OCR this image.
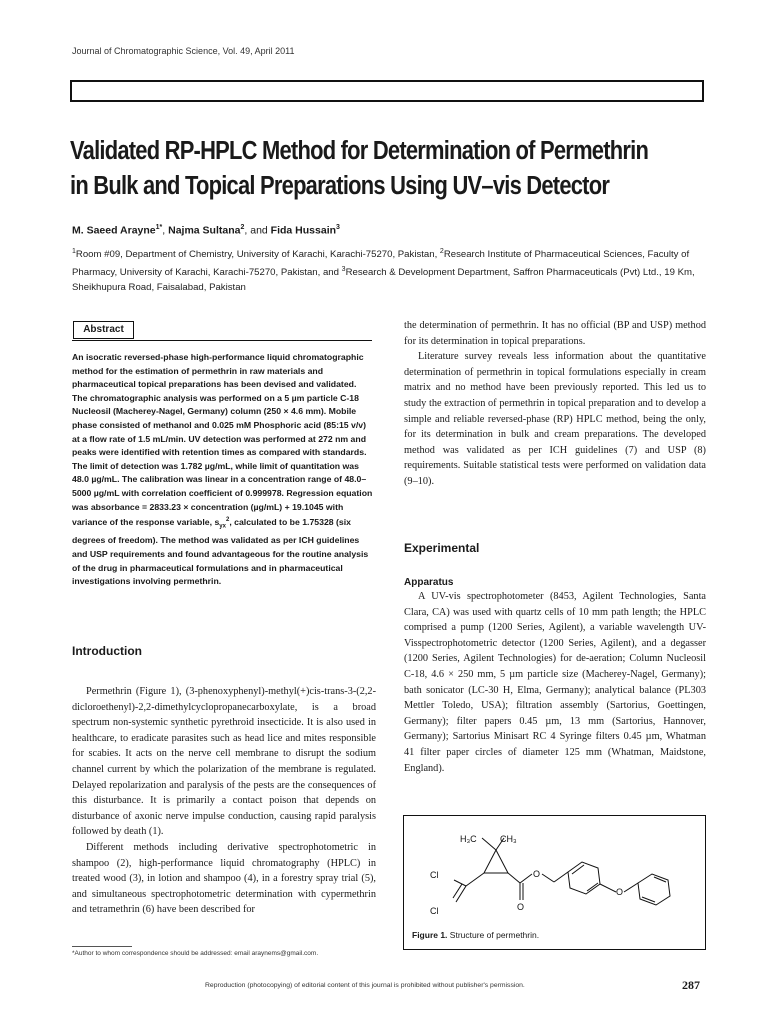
Journal of Chromatographic Science, Vol. 49, April 2011
Validated RP-HPLC Method for Determination of Permethrin
in Bulk and Topical Preparations Using UV–vis Detector
M. Saeed Arayne$^{1*}$, Najma Sultana$^2$, and Fida Hussain$^3$
$^1$Room #09, Department of Chemistry, University of Karachi, Karachi-75270, Pakistan, $^2$Research Institute of Pharmaceutical Sciences, Faculty of Pharmacy, University of Karachi, Karachi-75270, Pakistan, and $^3$Research & Development Department, Saffron Pharmaceuticals (Pvt) Ltd., 19 Km, Sheikhupura Road, Faisalabad, Pakistan
Abstract
An isocratic reversed-phase high-performance liquid chromatographic method for the estimation of permethrin in raw materials and pharmaceutical topical preparations has been devised and validated. The chromatographic analysis was performed on a 5 µm particle C-18 Nucleosil (Macherey-Nagel, Germany) column (250 × 4.6 mm). Mobile phase consisted of methanol and 0.025 mM Phosphoric acid (85:15 v/v) at a flow rate of 1.5 mL/min. UV detection was performed at 272 nm and peaks were identified with retention times as compared with standards. The limit of detection was 1.782 µg/mL, while limit of quantitation was 48.0 µg/mL. The calibration was linear in a concentration range of 48.0–5000 µg/mL with correlation coefficient of 0.999978. Regression equation was absorbance = 2833.23 × concentration (µg/mL) + 19.1045 with variance of the response variable, $s_{yx}^2$, calculated to be 1.75328 (six degrees of freedom). The method was validated as per ICH guidelines and USP requirements and found advantageous for the routine analysis of the drug in pharmaceutical formulations and in pharmaceutical investigations involving permethrin.
Introduction

Permethrin (Figure 1), (3-phenoxyphenyl)-methyl(+)cis-trans-3-(2,2-dicloroethenyl)-2,2-dimethylcyclopropanecarboxylate, is a broad spectrum non-systemic synthetic pyrethroid insecticide. It is also used in healthcare, to eradicate parasites such as head lice and mites responsible for scabies. It acts on the nerve cell membrane to disrupt the sodium channel current by which the polarization of the membrane is regulated. Delayed repolarization and paralysis of the pests are the consequences of this disturbance. It is primarily a contact poison that depends on disturbance of axonic nerve impulse conduction, causing rapid paralysis followed by death (1).

Different methods including derivative spectrophotometric in shampoo (2), high-performance liquid chromatography (HPLC) in treated wood (3), in lotion and shampoo (4), in a forestry spray trial (5), and simultaneous spectrophotometric determination with cypermethrin and tetramethrin (6) have been described for

the determination of permethrin. It has no official (BP and USP) method for its determination in topical preparations.

Literature survey reveals less information about the quantitative determination of permethrin in topical formulations especially in cream matrix and no method have been previously reported. This led us to study the extraction of permethrin in topical preparation and to develop a simple and reliable reversed-phase (RP) HPLC method, being the only, for its determination in bulk and cream preparations. The developed method was validated as per ICH guidelines (7) and USP (8) requirements. Suitable statistical tests were performed on validation data (9–10).

Experimental
Apparatus

A UV-vis spectrophotometer (8453, Agilent Technologies, Santa Clara, CA) was used with quartz cells of 10 mm path length; the HPLC comprised a pump (1200 Series, Agilent), a variable wavelength UV-Visspectrophotometric detector (1200 Series, Agilent), and a degasser (1200 Series, Agilent Technologies) for de-aeration; Column Nucleosil C-18, 4.6 × 250 mm, 5 µm particle size (Macherey-Nagel, Germany); bath sonicator (LC-30 H, Elma, Germany); analytical balance (PL303 Mettler Toledo, USA); filtration assembly (Sartorius, Goettingen, Germany); filter papers 0.45 µm, 13 mm (Sartorius, Hannover, Germany); Sartorius Minisart RC 4 Syringe filters 0.45 µm, Whatman 41 filter paper circles of diameter 125 mm (Whatman, Maidstone, England).

H₃C	CH₃
Cl
Cl	O
O
O
Figure 1. Structure of permethrin.
*Author to whom correspondence should be addressed: email araynems@gmail.com.
Reproduction (photocopying) of editorial content of this journal is prohibited without publisher's permission.	287
